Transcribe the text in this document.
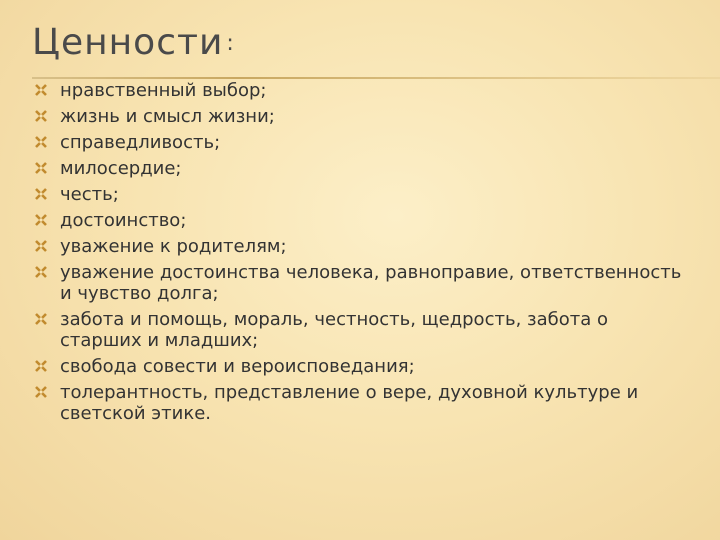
Ценности :
нравственный выбор;
жизнь и смысл жизни;
справедливость;
милосердие;
честь;
достоинство;
уважение к родителям;
уважение достоинства человека, равноправие, ответственность и чувство долга;
забота и помощь, мораль, честность, щедрость, забота о старших и младших;
свобода совести и вероисповедания;
толерантность, представление о вере, духовной культуре и светской этике.
